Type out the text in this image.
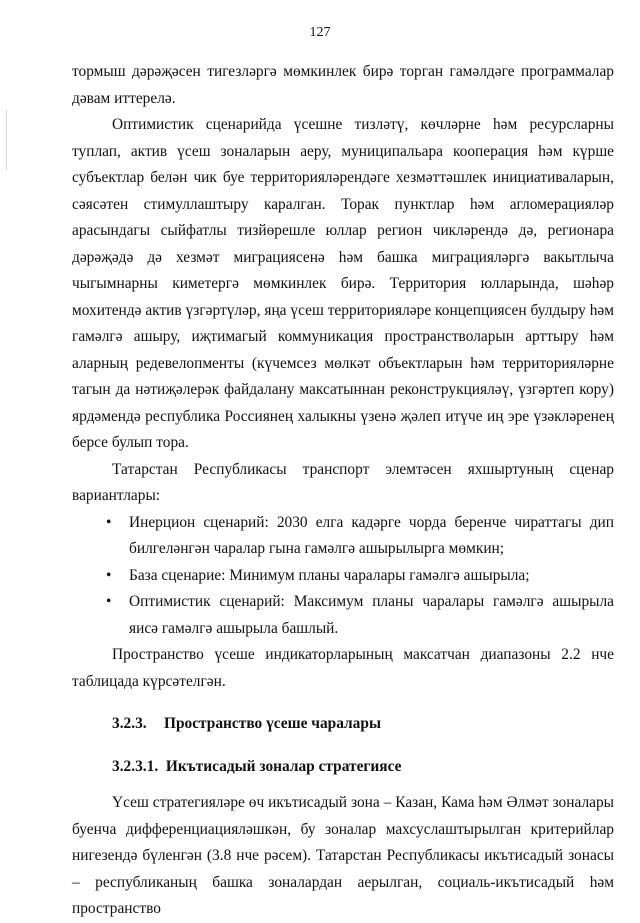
127

тормыш дәрәҗәсен тигезләргә мөмкинлек бирә торган гамәлдәге программалар дәвам иттерелә.

Оптимистик сценарийда үсешне тизләтү, көчләрне һәм ресурсларны туплап, актив үсеш зоналарын аеру, муниципальара кооперация һәм күрше субъектлар белән чик буе территорияләрендәге хезмәттәшлек инициативаларын, сәясәтен стимуллаштыру каралган. Торак пунктлар һәм агломерацияләр арасындагы сыйфатлы тизйөрешле юллар регион чикләрендә дә, регионара дәрәҗәдә дә хезмәт миграциясенә һәм башка миграцияләргә вакытлыча чыгымнарны киметергә мөмкинлек бирә. Территория юлларында, шәһәр мохитендә актив үзгәртүләр, яңа үсеш территорияләре концепциясен булдыру һәм гамәлгә ашыру, иҗтимагый коммуникация пространстволарын арттыру һәм аларның редевелопменты (күчемсез мөлкәт объектларын һәм территорияләрне тагын да нәтиҗәлерәк файдалану максатыннан реконструкцияләү, үзгәртеп кору) ярдәмендә республика Россиянең халыкны үзенә җәлеп итүче иң эре үзәкләренең берсе булып тора.

Татарстан Республикасы транспорт элемтәсен яхшыртуның сценар

вариантлары:

• Инерцион сценарий: 2030 елга кадәрге чорда беренче чираттагы дип билгеләнгән чаралар гына гамәлгә ашырылырга мөмкин;
• База сценарие: Минимум планы чаралары гамәлгә ашырыла;
• Оптимистик сценарий: Максимум планы чаралары гамәлгә ашырыла яисә гамәлгә ашырыла башлый.

Пространство үсеше индикаторларының максатчан диапазоны 2.2 нче таблицада күрсәтелгән.

3.2.3. Пространство үсеше чаралары
3.2.3.1. Икътисадый зоналар стратегиясе

Үсеш стратегияләре өч икътисадый зона – Казан, Кама һәм Әлмәт зоналары буенча дифференциацияләшкән, бу зоналар махсуслаштырылган критерийлар нигезендә бүленгән (3.8 нче рәсем). Татарстан Республикасы икътисадый зонасы – республиканың башка зоналардан аерылган, социаль-икътисадый һәм пространство
